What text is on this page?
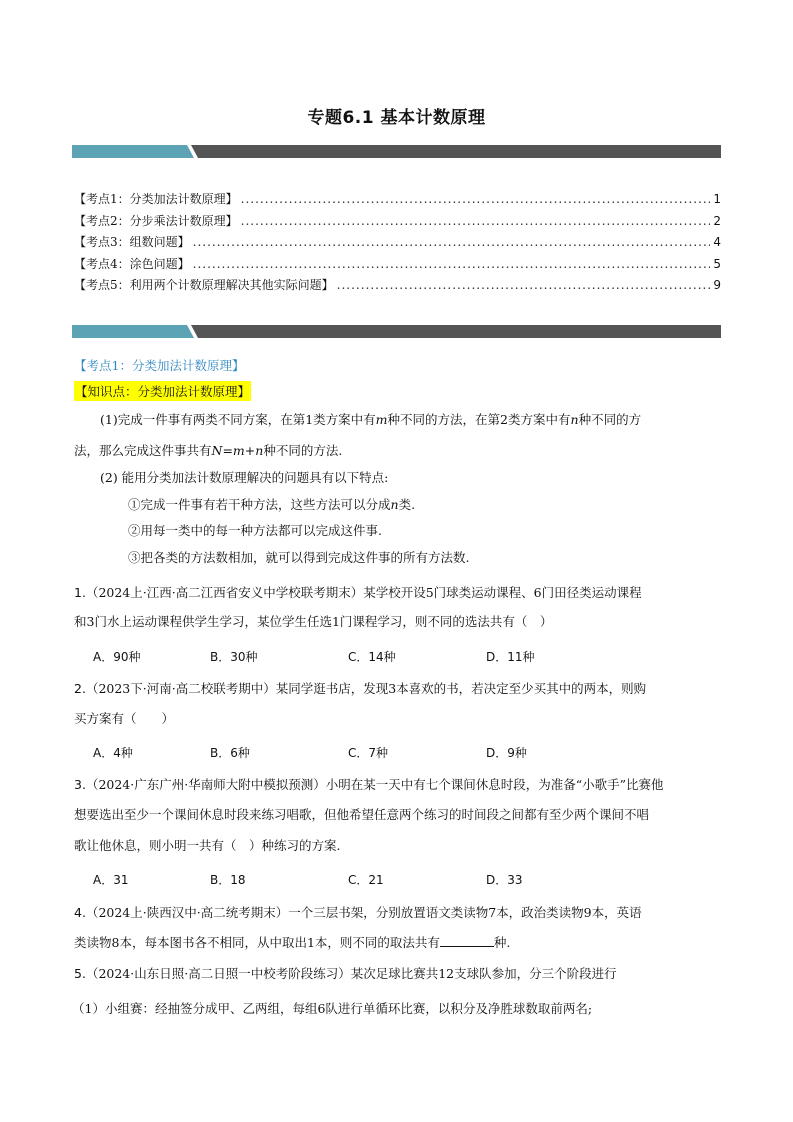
专题6.1 基本计数原理
【考点1：分类加法计数原理】 .....	1
【考点2：分步乘法计数原理】 .....	2
【考点3：组数问题】 .....	4
【考点4：涂色问题】 .....	5
【考点5：利用两个计数原理解决其他实际问题】 .....	9
【考点1：分类加法计数原理】
【知识点：分类加法计数原理】
(1)完成一件事有两类不同方案，在第1类方案中有m种不同的方法，在第2类方案中有n种不同的方
法，那么完成这件事共有N=m+n种不同的方法.
(2) 能用分类加法计数原理解决的问题具有以下特点:
①完成一件事有若干种方法，这些方法可以分成n类.
②用每一类中的每一种方法都可以完成这件事.
③把各类的方法数相加，就可以得到完成这件事的所有方法数.
1.（2024上·江西·高二江西省安义中学校联考期末）某学校开设5门球类运动课程、6门田径类运动课程
和3门水上运动课程供学生学习，某位学生任选1门课程学习，则不同的选法共有（　）
A．90种	B．30种	C．14种	D．11种
2.（2023下·河南·高二校联考期中）某同学逛书店，发现3本喜欢的书，若决定至少买其中的两本，则购
买方案有（　　）
A．4种	B．6种	C．7种	D．9种
3.（2024·广东广州·华南师大附中模拟预测）小明在某一天中有七个课间休息时段，为准备“小歌手”比赛他
想要选出至少一个课间休息时段来练习唱歌，但他希望任意两个练习的时间段之间都有至少两个课间不唱
歌让他休息，则小明一共有（　）种练习的方案.
A．31	B．18	C．21	D．33
4.（2024上·陕西汉中·高二统考期末）一个三层书架，分别放置语文类读物7本，政治类读物9本，英语
类读物8本，每本图书各不相同，从中取出1本，则不同的取法共有	种.
5.（2024·山东日照·高二日照一中校考阶段练习）某次足球比赛共12支球队参加，分三个阶段进行
（1）小组赛：经抽签分成甲、乙两组，每组6队进行单循环比赛，以积分及净胜球数取前两名;
